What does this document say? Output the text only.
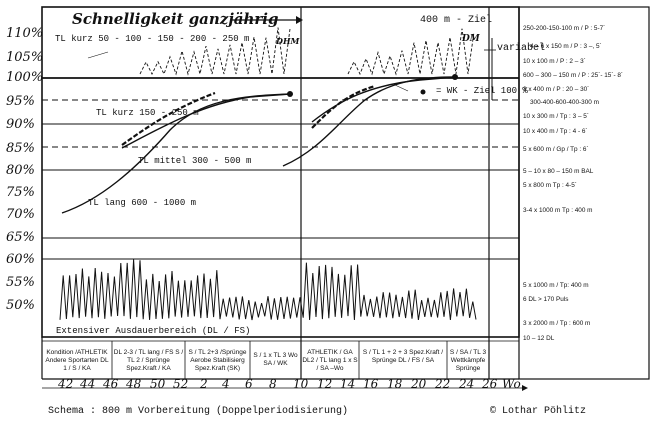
Schnelligkeit ganzjährig	400 m - Ziel
variabel
DHM	DM
110%
105%
100%
95%
90%
85%
80%
75%
70%
65%
60%
55%
50%
TL kurz 50 - 100 - 150 - 200 - 250 m
= WK - Ziel 100 %
TL kurz 150 - 250 m
TL mittel 300 - 500 m
TL lang 600 - 1000 m
Extensiver Ausdauerbereich (DL / FS)
250-200-150-100 m / P : 5-7´
4 – 6 x 150 m / P : 3 –, 5´
10 x 100 m / P : 2 – 3´
600 – 300 – 150 m / P : 25´- 15´- 8´
3 x 400 m / P : 20 – 30´
300-400-600-400-300 m
10 x 300 m / Tp : 3 – 5´
10 x 400 m / Tp : 4 - 6´
5 x 600 m / Gp / Tp : 6´
5 – 10 x 80 – 150 m BAL
5 x 800 m Tp : 4-5´
3-4 x 1000 m Tp : 400 m
5 x 1000 m / Tp: 400 m
6 DL > 170 Puls
3 x 2000 m / Tp : 600 m
10 – 12 DL
Kondition /ATHLETIK Andere Sportarten DL 1 / S / KA
DL 2-3 / TL lang / FS S / TL 2 / Sprünge Spez.Kraft / KA
S / TL 2+3 /Sprünge Aerobe Stabilisierg Spez.Kraft (SK)
S / 1 x TL 3 Wo SA / WK
ATHLETIK / GA DL2 / TL lang 1 x S / SA –Wo
S / TL 1 + 2 + 3 Spez.Kraft / Sprünge DL / FS / SA
S / SA / TL 3 Wettkämpfe Sprünge
42 44 46 48 50 52 2 4 6 8 10 12 14 16 18 20 22 24 26 Wo
Schema : 800 m Vorbereitung (Doppelperiodisierung)	© Lothar Pöhlitz
